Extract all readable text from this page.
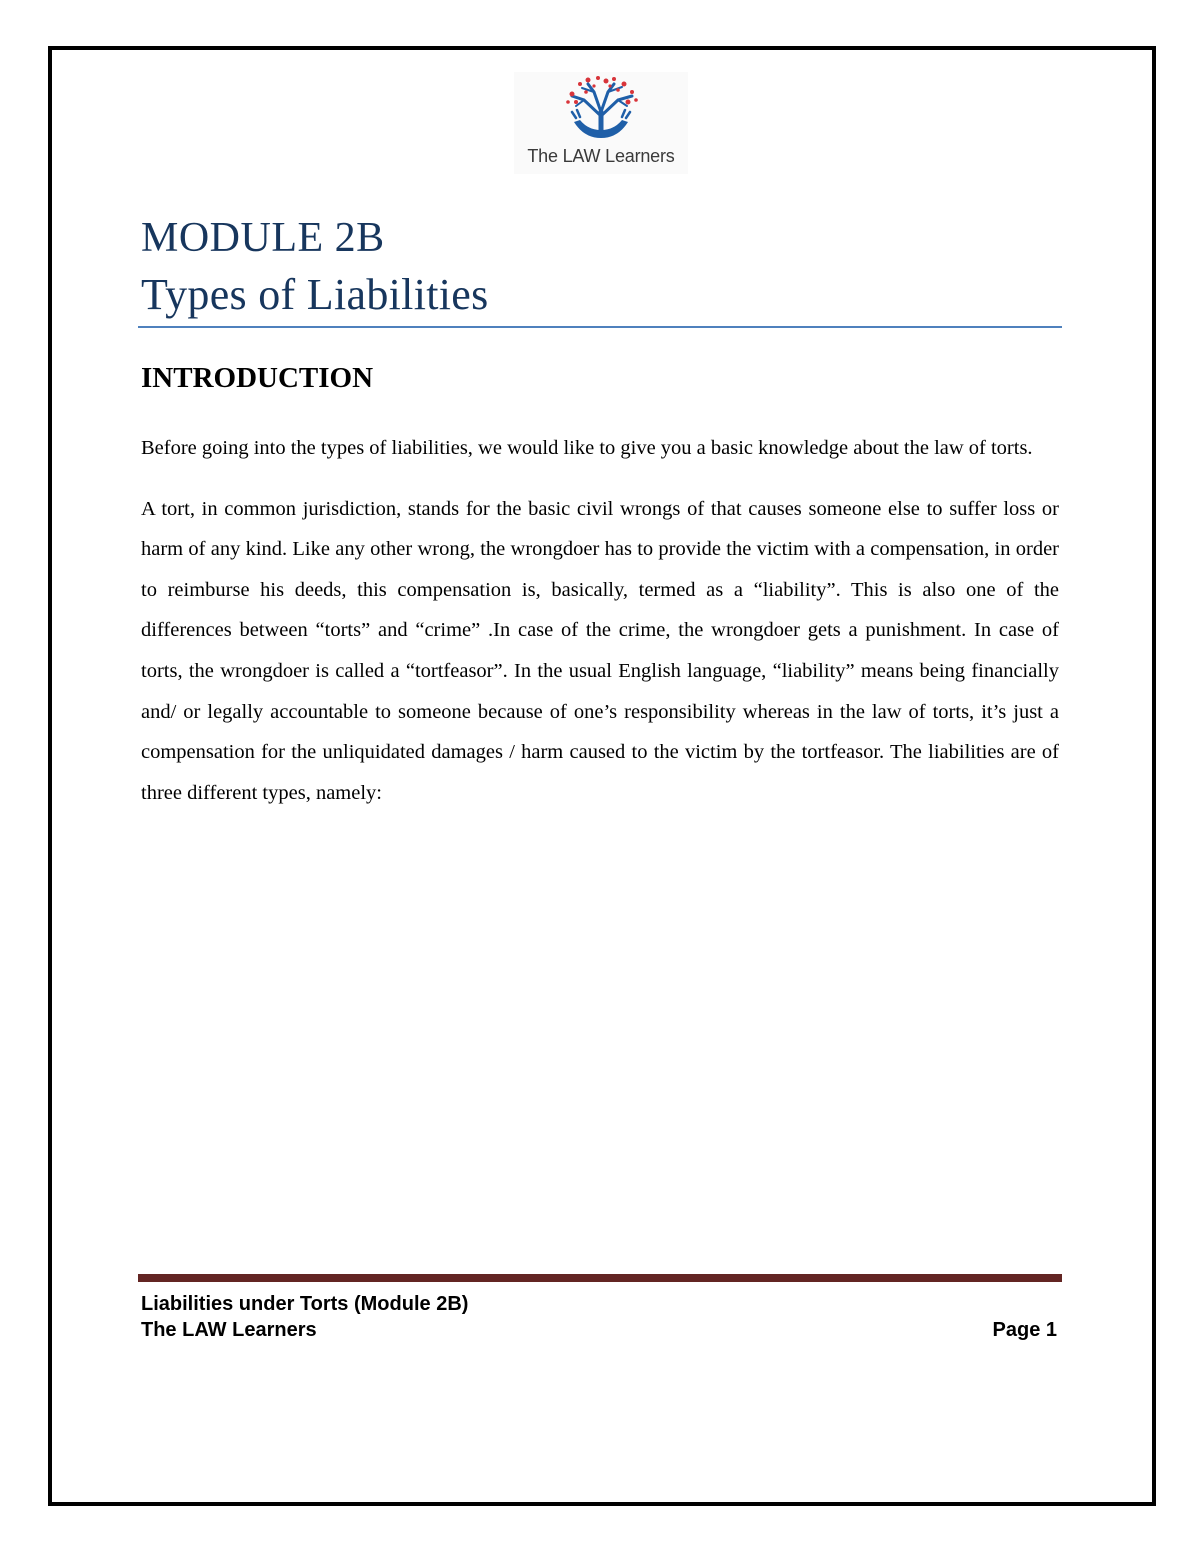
The LAW Learners
MODULE 2B
Types of Liabilities
INTRODUCTION

Before going into the types of liabilities, we would like to give you a basic knowledge about the law of torts.

A tort, in common jurisdiction, stands for the basic civil wrongs of that causes someone else to suffer loss or harm of any kind. Like any other wrong, the wrongdoer has to provide the victim with a compensation, in order to reimburse his deeds, this compensation is, basically, termed as a “liability”. This is also one of the differences between “torts” and “crime” .In case of the crime, the wrongdoer gets a punishment. In case of torts, the wrongdoer is called a “tortfeasor”. In the usual English language, “liability” means being financially and/ or legally accountable to someone because of one’s responsibility whereas in the law of torts, it’s just a compensation for the unliquidated damages / harm caused to the victim by the tortfeasor. The liabilities are of three different types, namely:

Liabilities under Torts (Module 2B)
The LAW Learners	Page 1
